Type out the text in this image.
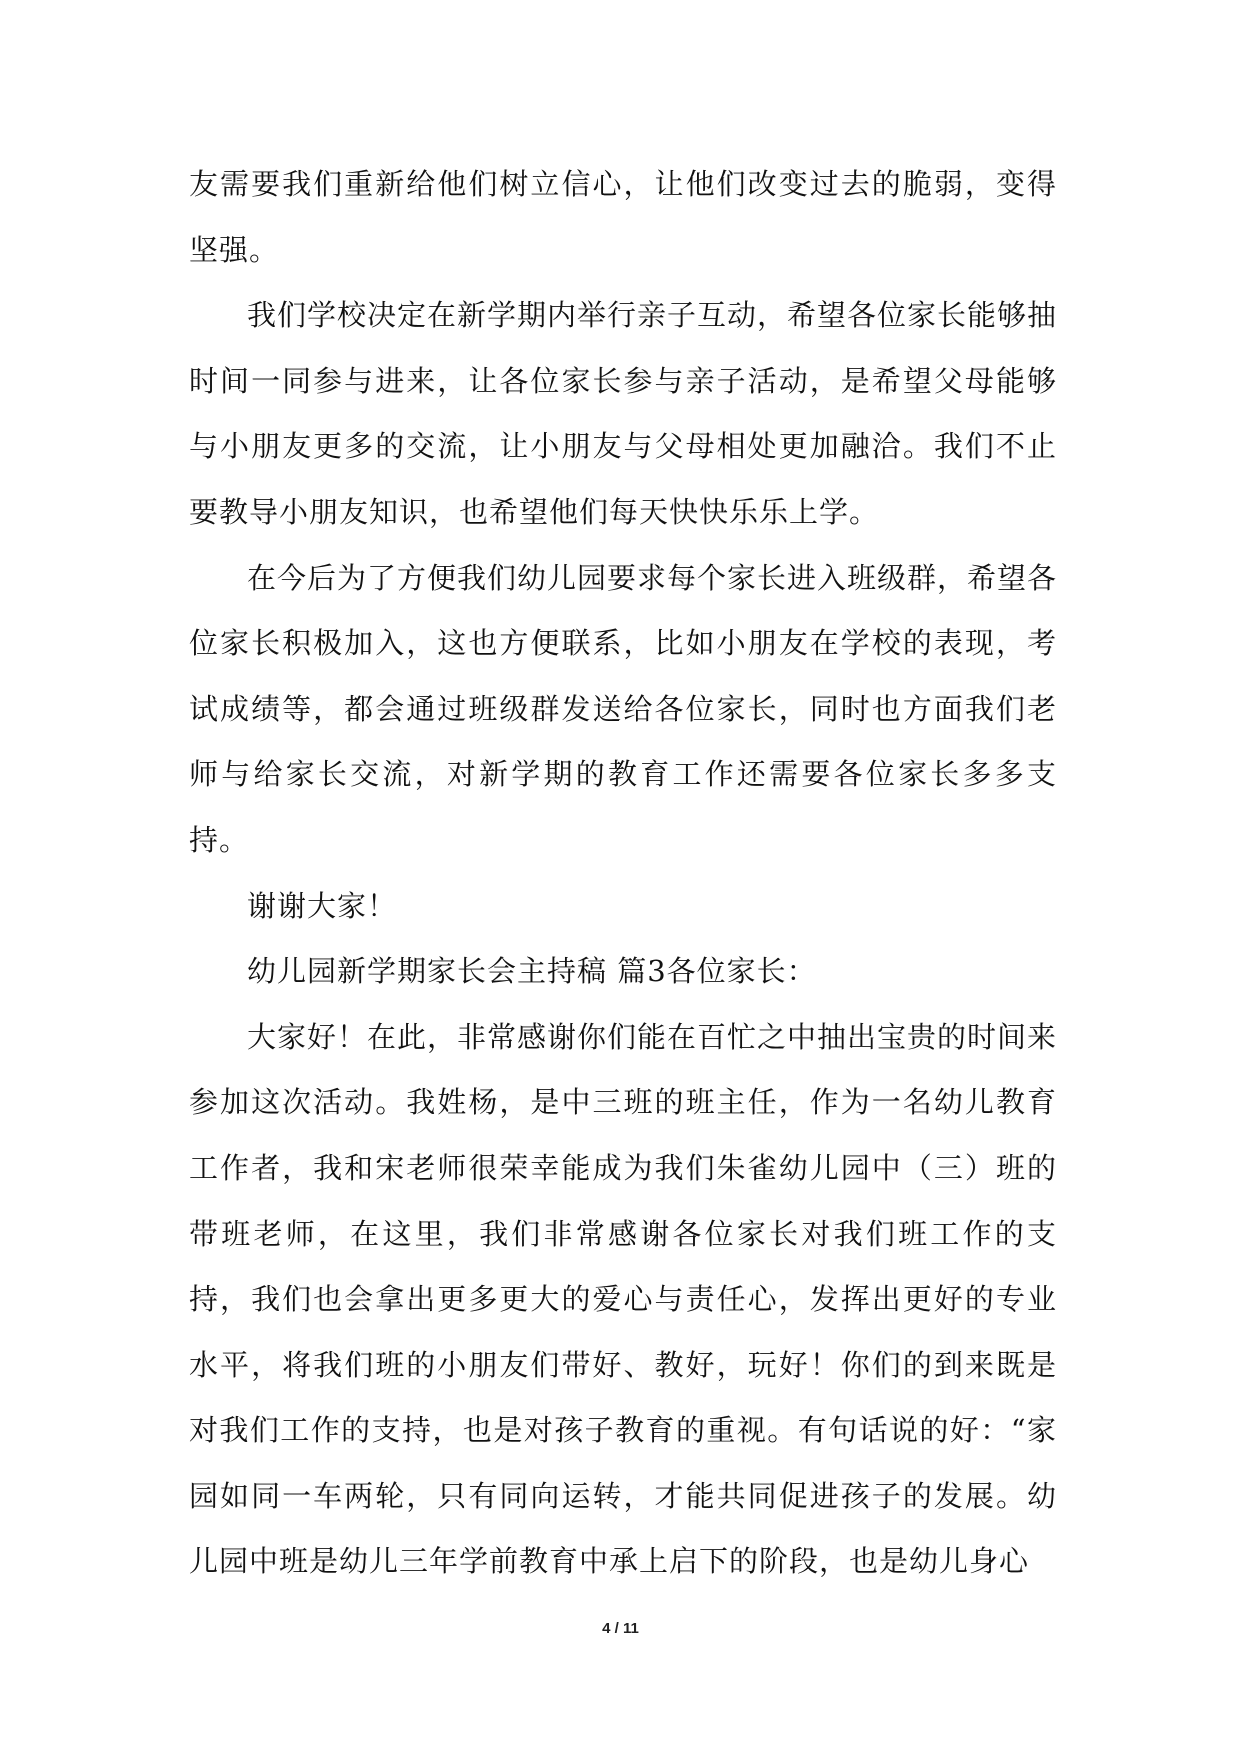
友需要我们重新给他们树立信心，让他们改变过去的脆弱，变得坚强。

我们学校决定在新学期内举行亲子互动，希望各位家长能够抽时间一同参与进来，让各位家长参与亲子活动，是希望父母能够与小朋友更多的交流，让小朋友与父母相处更加融洽。我们不止要教导小朋友知识，也希望他们每天快快乐乐上学。

在今后为了方便我们幼儿园要求每个家长进入班级群，希望各位家长积极加入，这也方便联系，比如小朋友在学校的表现，考试成绩等，都会通过班级群发送给各位家长，同时也方面我们老师与给家长交流，对新学期的教育工作还需要各位家长多多支持。

谢谢大家！

幼儿园新学期家长会主持稿 篇3各位家长：

大家好！在此，非常感谢你们能在百忙之中抽出宝贵的时间来参加这次活动。我姓杨，是中三班的班主任，作为一名幼儿教育工作者，我和宋老师很荣幸能成为我们朱雀幼儿园中（三）班的带班老师，在这里，我们非常感谢各位家长对我们班工作的支持，我们也会拿出更多更大的爱心与责任心，发挥出更好的专业水平，将我们班的小朋友们带好、教好，玩好！你们的到来既是对我们工作的支持，也是对孩子教育的重视。有句话说的好：“家园如同一车两轮，只有同向运转，才能共同促进孩子的发展。幼儿园中班是幼儿三年学前教育中承上启下的阶段，也是幼儿身心

4 / 11
